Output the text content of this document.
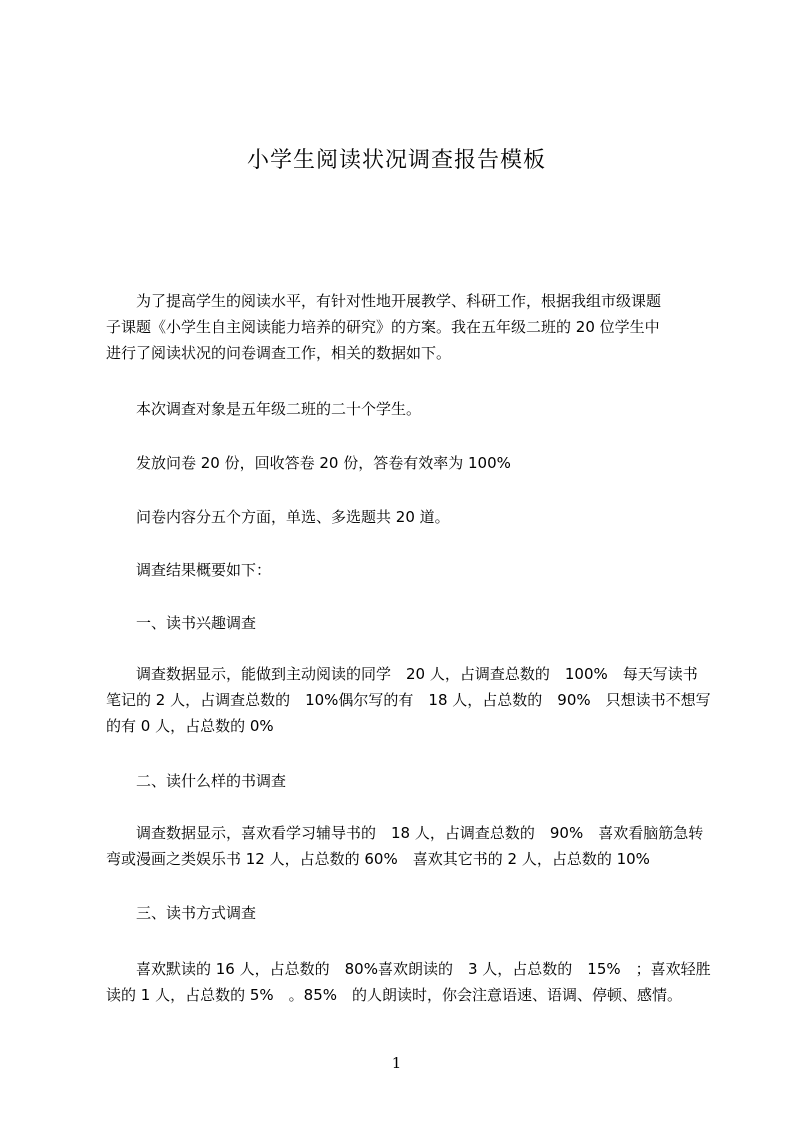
小学生阅读状况调查报告模板
　　为了提高学生的阅读水平，有针对性地开展教学、科研工作，根据我组市级课题
子课题《小学生自主阅读能力培养的研究》的方案。我在五年级二班的 20 位学生中
进行了阅读状况的问卷调查工作，相关的数据如下。
　　本次调查对象是五年级二班的二十个学生。
　　发放问卷 20 份，回收答卷 20 份，答卷有效率为 100%
　　问卷内容分五个方面，单选、多选题共 20 道。
　　调查结果概要如下：
　　一、读书兴趣调查
　　调查数据显示，能做到主动阅读的同学　20 人，占调查总数的　100%　每天写读书
笔记的 2 人，占调查总数的　10%偶尔写的有　18 人，占总数的　90%　只想读书不想写
的有 0 人，占总数的 0%
　　二、读什么样的书调查
　　调查数据显示，喜欢看学习辅导书的　18 人，占调查总数的　90%　喜欢看脑筋急转
弯或漫画之类娱乐书 12 人，占总数的 60%　喜欢其它书的 2 人，占总数的 10%
　　三、读书方式调查
　　喜欢默读的 16 人，占总数的　80%喜欢朗读的　3 人，占总数的　15%　；喜欢轻胜
读的 1 人，占总数的 5%　。85%　的人朗读时，你会注意语速、语调、停顿、感情。
1
